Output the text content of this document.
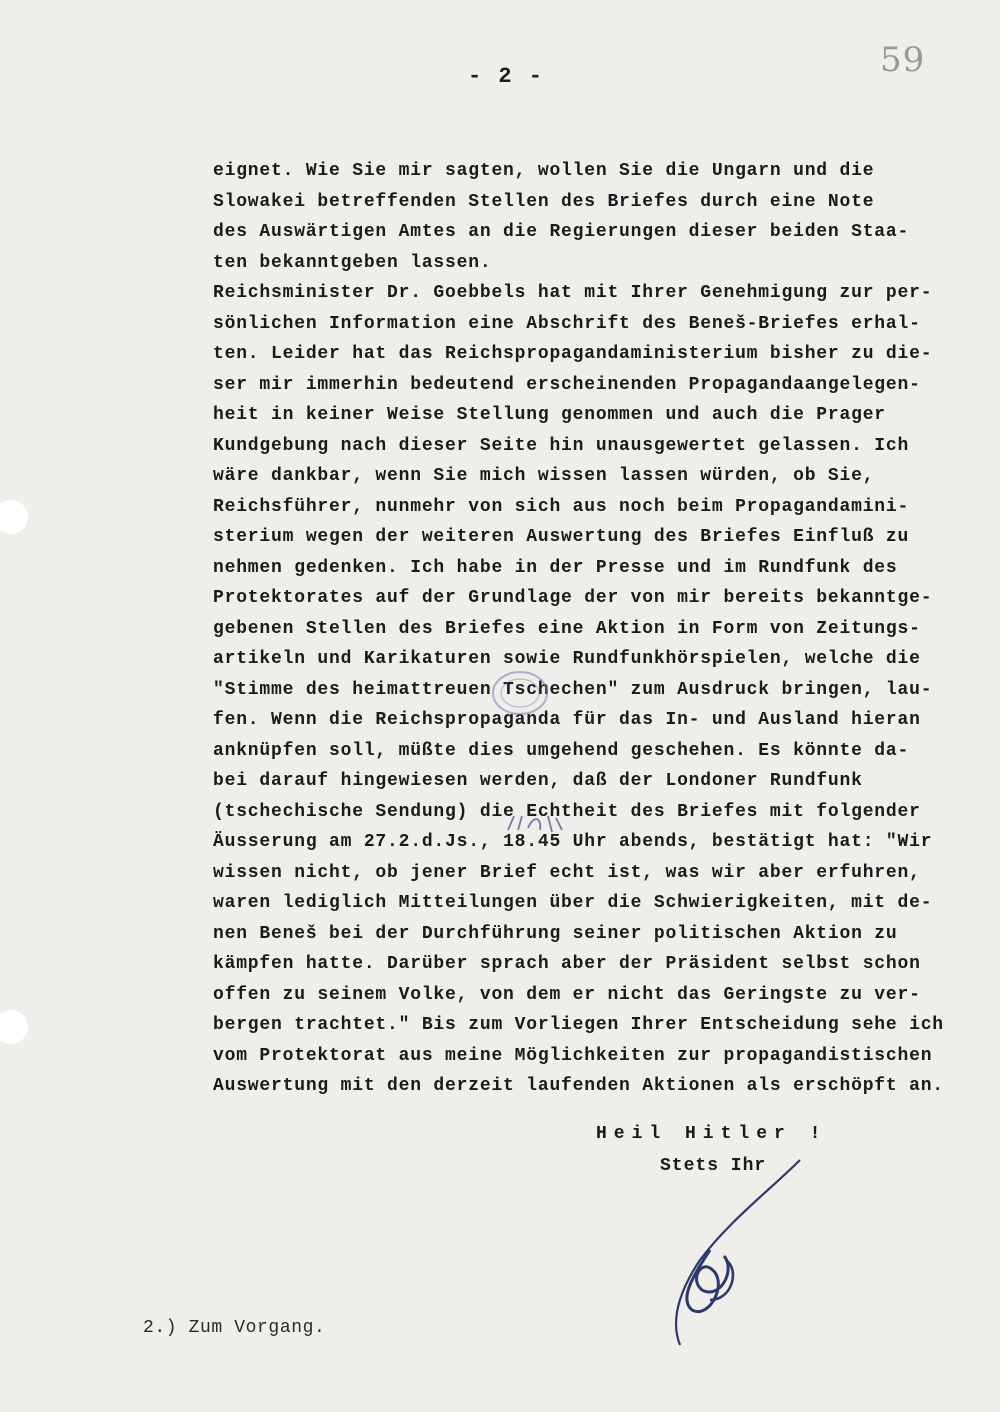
59
- 2 -
eignet. Wie Sie mir sagten, wollen Sie die Ungarn und die
Slowakei betreffenden Stellen des Briefes durch eine Note
des Auswärtigen Amtes an die Regierungen dieser beiden Staa-
ten bekanntgeben lassen.
Reichsminister Dr. Goebbels hat mit Ihrer Genehmigung zur per-
sönlichen Information eine Abschrift des Beneš-Briefes erhal-
ten. Leider hat das Reichspropagandaministerium bisher zu die-
ser mir immerhin bedeutend erscheinenden Propagandaangelegen-
heit in keiner Weise Stellung genommen und auch die Prager
Kundgebung nach dieser Seite hin unausgewertet gelassen. Ich
wäre dankbar, wenn Sie mich wissen lassen würden, ob Sie,
Reichsführer, nunmehr von sich aus noch beim Propagandamini-
sterium wegen der weiteren Auswertung des Briefes Einfluß zu
nehmen gedenken. Ich habe in der Presse und im Rundfunk des
Protektorates auf der Grundlage der von mir bereits bekanntge-
gebenen Stellen des Briefes eine Aktion in Form von Zeitungs-
artikeln und Karikaturen sowie Rundfunkhörspielen, welche die
"Stimme des heimattreuen Tschechen" zum Ausdruck bringen, lau-
fen. Wenn die Reichspropaganda für das In- und Ausland hieran
anknüpfen soll, müßte dies umgehend geschehen. Es könnte da-
bei darauf hingewiesen werden, daß der Londoner Rundfunk
(tschechische Sendung) die Echtheit des Briefes mit folgender
Äusserung am 27.2.d.Js., 18.45 Uhr abends, bestätigt hat: "Wir
wissen nicht, ob jener Brief echt ist, was wir aber erfuhren,
waren lediglich Mitteilungen über die Schwierigkeiten, mit de-
nen Beneš bei der Durchführung seiner politischen Aktion zu
kämpfen hatte. Darüber sprach aber der Präsident selbst schon
offen zu seinem Volke, von dem er nicht das Geringste zu ver-
bergen trachtet." Bis zum Vorliegen Ihrer Entscheidung sehe ich
vom Protektorat aus meine Möglichkeiten zur propagandistischen
Auswertung mit den derzeit laufenden Aktionen als erschöpft an.
Heil Hitler !
Stets Ihr
2.) Zum Vorgang.
